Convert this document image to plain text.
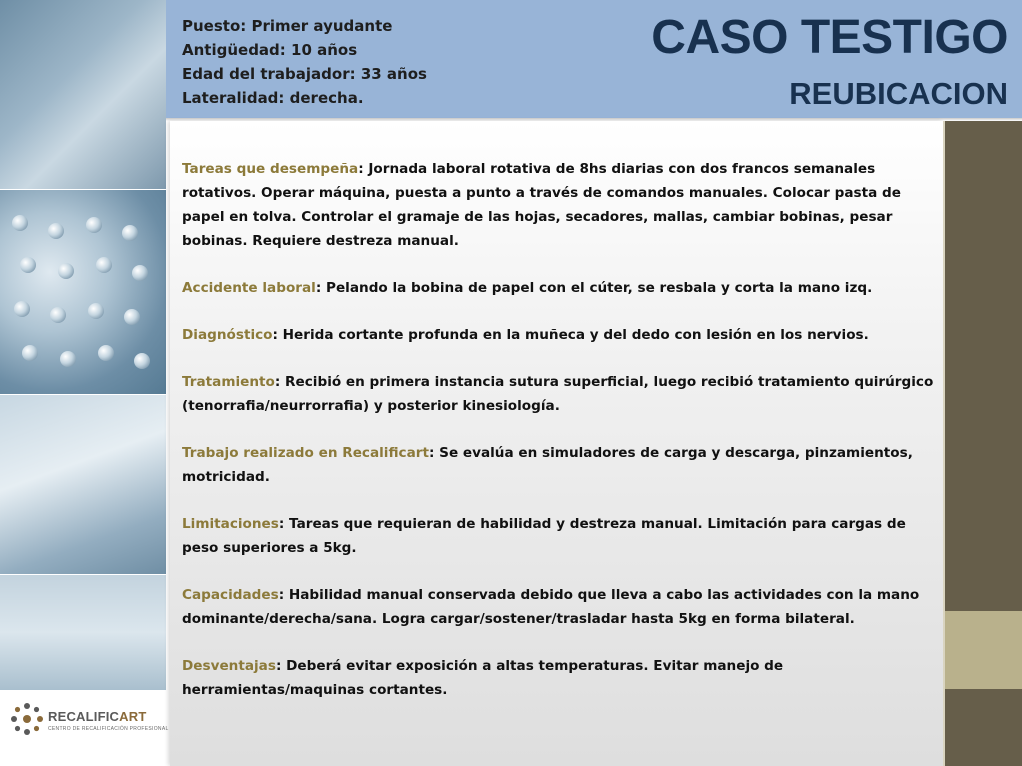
RECALIFICART
CENTRO DE RECALIFICACIÓN PROFESIONAL
Puesto: Primer ayudante
Antigüedad: 10 años
Edad del trabajador: 33 años
Lateralidad: derecha.
CASO TESTIGO
REUBICACION
Tareas que desempeña: Jornada laboral rotativa de 8hs diarias con dos francos semanales rotativos. Operar máquina, puesta a punto a través de comandos manuales. Colocar pasta de papel en tolva. Controlar el gramaje de las hojas, secadores, mallas, cambiar bobinas, pesar bobinas. Requiere destreza manual.
Accidente laboral: Pelando la bobina de papel con el cúter, se resbala y corta la mano izq.
Diagnóstico: Herida cortante profunda en la muñeca y del dedo con lesión en los nervios.
Tratamiento: Recibió en primera instancia sutura superficial, luego recibió tratamiento quirúrgico (tenorrafia/neurrorrafia) y posterior kinesiología.
Trabajo realizado en Recalificart: Se evalúa en simuladores de carga y descarga, pinzamientos, motricidad.
Limitaciones: Tareas que requieran de habilidad y destreza manual. Limitación para cargas de peso superiores a 5kg.
Capacidades: Habilidad manual conservada debido que lleva a cabo las actividades con la mano dominante/derecha/sana. Logra cargar/sostener/trasladar hasta 5kg en forma bilateral.
Desventajas: Deberá evitar exposición a altas temperaturas. Evitar manejo de herramientas/maquinas cortantes.
